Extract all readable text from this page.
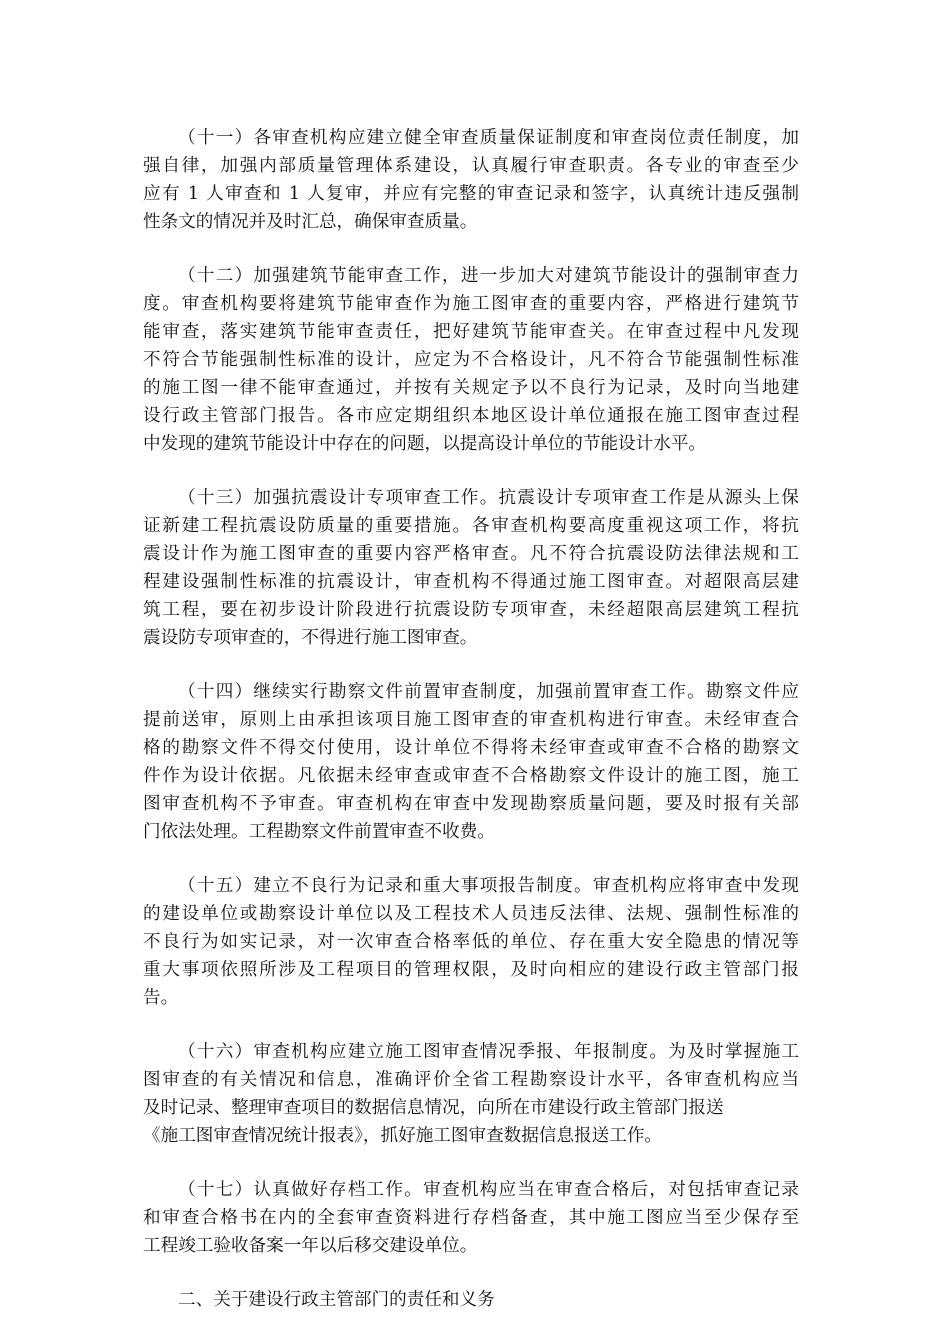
（十一）各审查机构应建立健全审查质量保证制度和审查岗位责任制度，加
强自律，加强内部质量管理体系建设，认真履行审查职责。各专业的审查至少
应有 1 人审查和 1 人复审，并应有完整的审查记录和签字，认真统计违反强制
性条文的情况并及时汇总，确保审查质量。
（十二）加强建筑节能审查工作，进一步加大对建筑节能设计的强制审查力
度。审查机构要将建筑节能审查作为施工图审查的重要内容，严格进行建筑节
能审查，落实建筑节能审查责任，把好建筑节能审查关。在审查过程中凡发现
不符合节能强制性标准的设计，应定为不合格设计，凡不符合节能强制性标准
的施工图一律不能审查通过，并按有关规定予以不良行为记录，及时向当地建
设行政主管部门报告。各市应定期组织本地区设计单位通报在施工图审查过程
中发现的建筑节能设计中存在的问题，以提高设计单位的节能设计水平。
（十三）加强抗震设计专项审查工作。抗震设计专项审查工作是从源头上保
证新建工程抗震设防质量的重要措施。各审查机构要高度重视这项工作，将抗
震设计作为施工图审查的重要内容严格审查。凡不符合抗震设防法律法规和工
程建设强制性标准的抗震设计，审查机构不得通过施工图审查。对超限高层建
筑工程，要在初步设计阶段进行抗震设防专项审查，未经超限高层建筑工程抗
震设防专项审查的，不得进行施工图审查。
（十四）继续实行勘察文件前置审查制度，加强前置审查工作。勘察文件应
提前送审，原则上由承担该项目施工图审查的审查机构进行审查。未经审查合
格的勘察文件不得交付使用，设计单位不得将未经审查或审查不合格的勘察文
件作为设计依据。凡依据未经审查或审查不合格勘察文件设计的施工图，施工
图审查机构不予审查。审查机构在审查中发现勘察质量问题，要及时报有关部
门依法处理。工程勘察文件前置审查不收费。
（十五）建立不良行为记录和重大事项报告制度。审查机构应将审查中发现
的建设单位或勘察设计单位以及工程技术人员违反法律、法规、强制性标准的
不良行为如实记录，对一次审查合格率低的单位、存在重大安全隐患的情况等
重大事项依照所涉及工程项目的管理权限，及时向相应的建设行政主管部门报
告。
（十六）审查机构应建立施工图审查情况季报、年报制度。为及时掌握施工
图审查的有关情况和信息，准确评价全省工程勘察设计水平，各审查机构应当
及时记录、整理审查项目的数据信息情况，向所在市建设行政主管部门报送
《施工图审查情况统计报表》，抓好施工图审查数据信息报送工作。
（十七）认真做好存档工作。审查机构应当在审查合格后，对包括审查记录
和审查合格书在内的全套审查资料进行存档备查，其中施工图应当至少保存至
工程竣工验收备案一年以后移交建设单位。

二、关于建设行政主管部门的责任和义务
